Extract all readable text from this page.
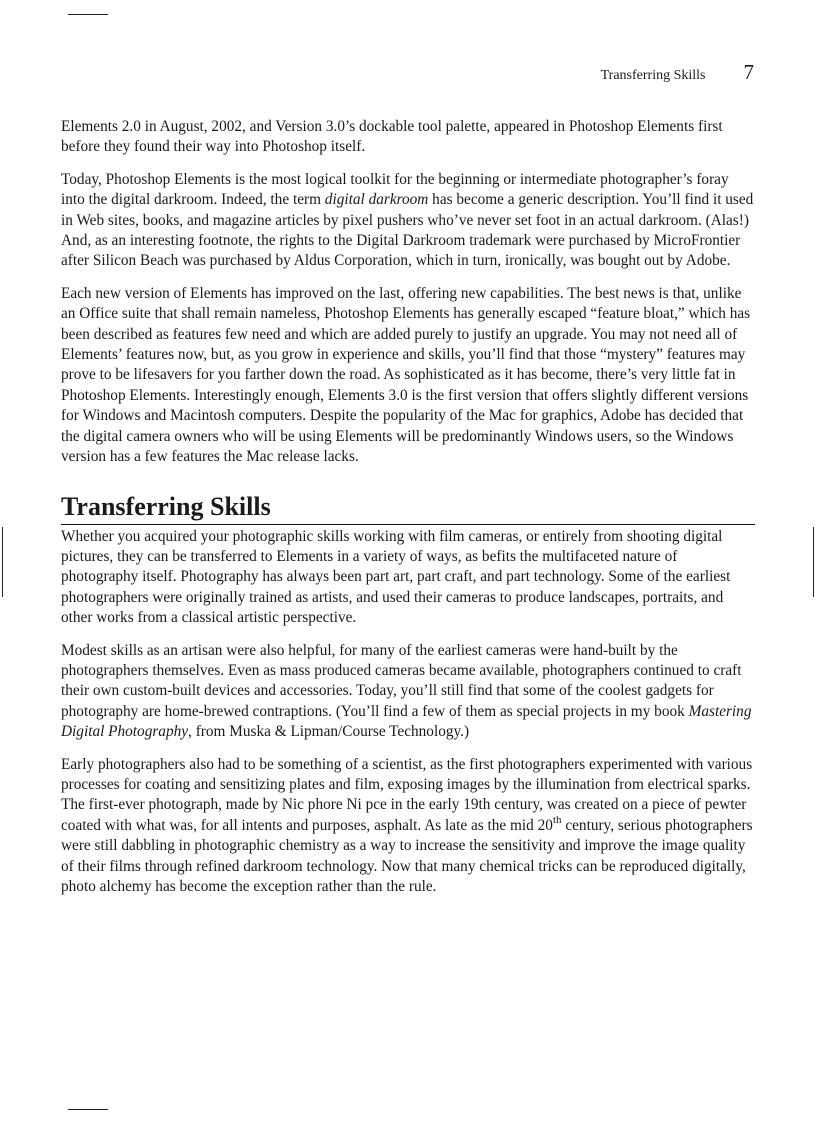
Transferring Skills 7

Elements 2.0 in August, 2002, and Version 3.0’s dockable tool palette, appeared in Photoshop Elements first before they found their way into Photoshop itself.

Today, Photoshop Elements is the most logical toolkit for the beginning or intermediate photographer’s foray into the digital darkroom. Indeed, the term digital darkroom has become a generic description. You’ll find it used in Web sites, books, and magazine articles by pixel pushers who’ve never set foot in an actual darkroom. (Alas!) And, as an interesting footnote, the rights to the Digital Darkroom trademark were purchased by MicroFrontier after Silicon Beach was purchased by Aldus Corporation, which in turn, ironically, was bought out by Adobe.

Each new version of Elements has improved on the last, offering new capabilities. The best news is that, unlike an Office suite that shall remain nameless, Photoshop Elements has generally escaped “feature bloat,” which has been described as features few need and which are added purely to justify an upgrade. You may not need all of Elements’ features now, but, as you grow in experience and skills, you’ll find that those “mystery” features may prove to be lifesavers for you farther down the road. As sophisticated as it has become, there’s very little fat in Photoshop Elements. Interestingly enough, Elements 3.0 is the first version that offers slightly different versions for Windows and Macintosh computers. Despite the popularity of the Mac for graphics, Adobe has decided that the digital camera owners who will be using Elements will be predominantly Windows users, so the Windows version has a few features the Mac release lacks.

Transferring Skills

Whether you acquired your photographic skills working with film cameras, or entirely from shooting digital pictures, they can be transferred to Elements in a variety of ways, as befits the multifaceted nature of photography itself. Photography has always been part art, part craft, and part technology. Some of the earliest photographers were originally trained as artists, and used their cameras to produce landscapes, portraits, and other works from a classical artistic perspective.

Modest skills as an artisan were also helpful, for many of the earliest cameras were hand-built by the photographers themselves. Even as mass produced cameras became available, photographers continued to craft their own custom-built devices and accessories. Today, you’ll still find that some of the coolest gadgets for photography are home-brewed contraptions. (You’ll find a few of them as special projects in my book Mastering Digital Photography, from Muska & Lipman/Course Technology.)

Early photographers also had to be something of a scientist, as the first photographers experimented with various processes for coating and sensitizing plates and film, exposing images by the illumination from electrical sparks. The first-ever photograph, made by Nic phore Ni pce in the early 19th century, was created on a piece of pewter coated with what was, for all intents and purposes, asphalt. As late as the mid 20th century, serious photographers were still dabbling in photographic chemistry as a way to increase the sensitivity and improve the image quality of their films through refined darkroom technology. Now that many chemical tricks can be reproduced digitally, photo alchemy has become the exception rather than the rule.
